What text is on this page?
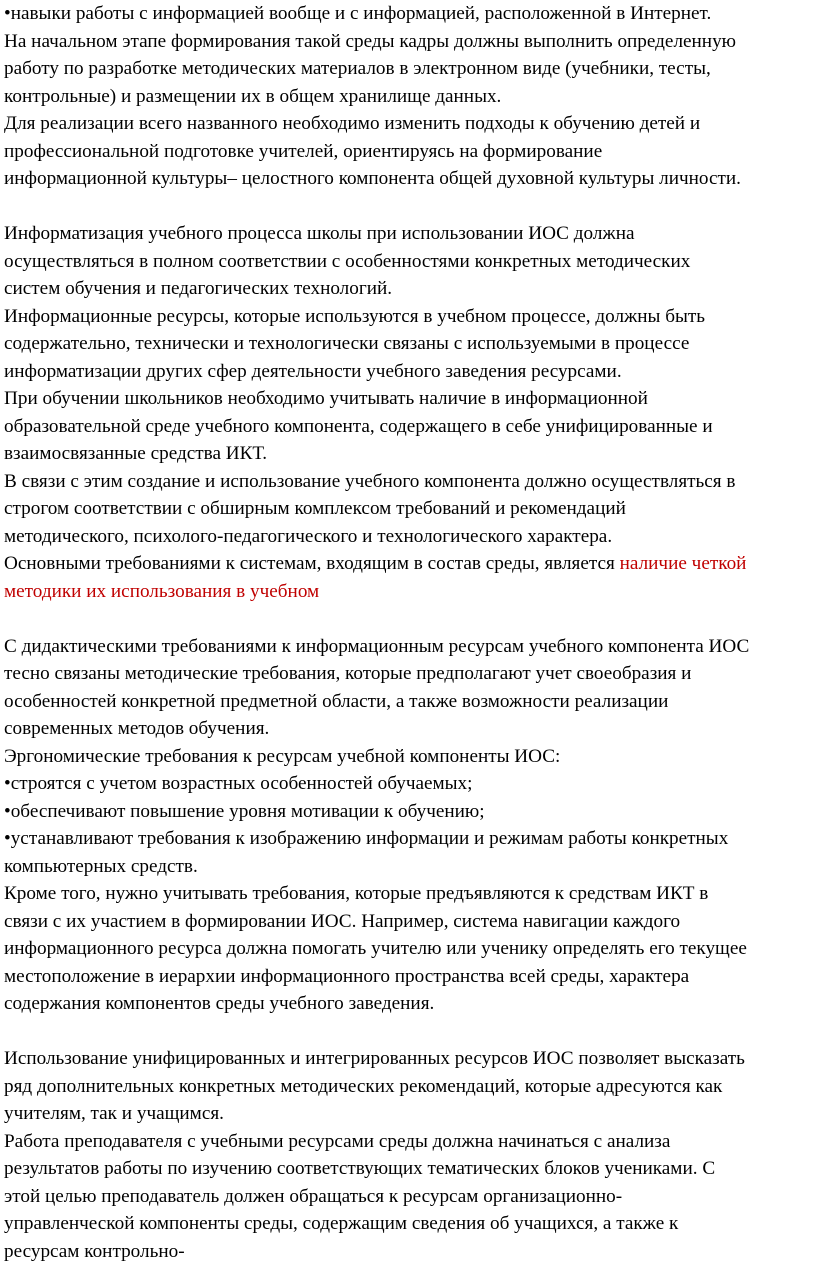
•навыки работы с информацией вообще и с информацией, расположенной в Интернет.
На начальном этапе формирования такой среды кадры должны выполнить определенную
работу по разработке методических материалов в электронном виде (учебники, тесты,
контрольные) и размещении их в общем хранилище данных.
Для реализации всего названного необходимо изменить подходы к обучению детей и
профессиональной подготовке учителей, ориентируясь на формирование
информационной культуры– целостного компонента общей духовной культуры личности.
Информатизация учебного процесса школы при использовании ИОС должна
осуществляться в полном соответствии с особенностями конкретных методических
систем обучения и педагогических технологий.
Информационные ресурсы, которые используются в учебном процессе, должны быть
содержательно, технически и технологически связаны с используемыми в процессе
информатизации других сфер деятельности учебного заведения ресурсами.
При обучении школьников необходимо учитывать наличие в информационной
образовательной среде учебного компонента, содержащего в себе унифицированные и
взаимосвязанные средства ИКТ.
В связи с этим создание и использование учебного компонента должно осуществляться в
строгом соответствии с обширным комплексом требований и рекомендаций
методического, психолого-педагогического и технологического характера.
Основными требованиями к системам, входящим в состав среды, является наличие четкой
методики их использования в учебном
С дидактическими требованиями к информационным ресурсам учебного компонента ИОС
тесно связаны методические требования, которые предполагают учет своеобразия и
особенностей конкретной предметной области, а также возможности реализации
современных методов обучения.
Эргономические требования к ресурсам учебной компоненты ИОС:
•строятся с учетом возрастных особенностей обучаемых;
•обеспечивают повышение уровня мотивации к обучению;
•устанавливают требования к изображению информации и режимам работы конкретных
компьютерных средств.
Кроме того, нужно учитывать требования, которые предъявляются к средствам ИКТ в
связи с их участием в формировании ИОС. Например, система навигации каждого
информационного ресурса должна помогать учителю или ученику определять его текущее
местоположение в иерархии информационного пространства всей среды, характера
содержания компонентов среды учебного заведения.
Использование унифицированных и интегрированных ресурсов ИОС позволяет высказать
ряд дополнительных конкретных методических рекомендаций, которые адресуются как
учителям, так и учащимся.
Работа преподавателя с учебными ресурсами среды должна начинаться с анализа
результатов работы по изучению соответствующих тематических блоков учениками. С
этой целью преподаватель должен обращаться к ресурсам организационно-
управленческой компоненты среды, содержащим сведения об учащихся, а также к
ресурсам контрольно-
